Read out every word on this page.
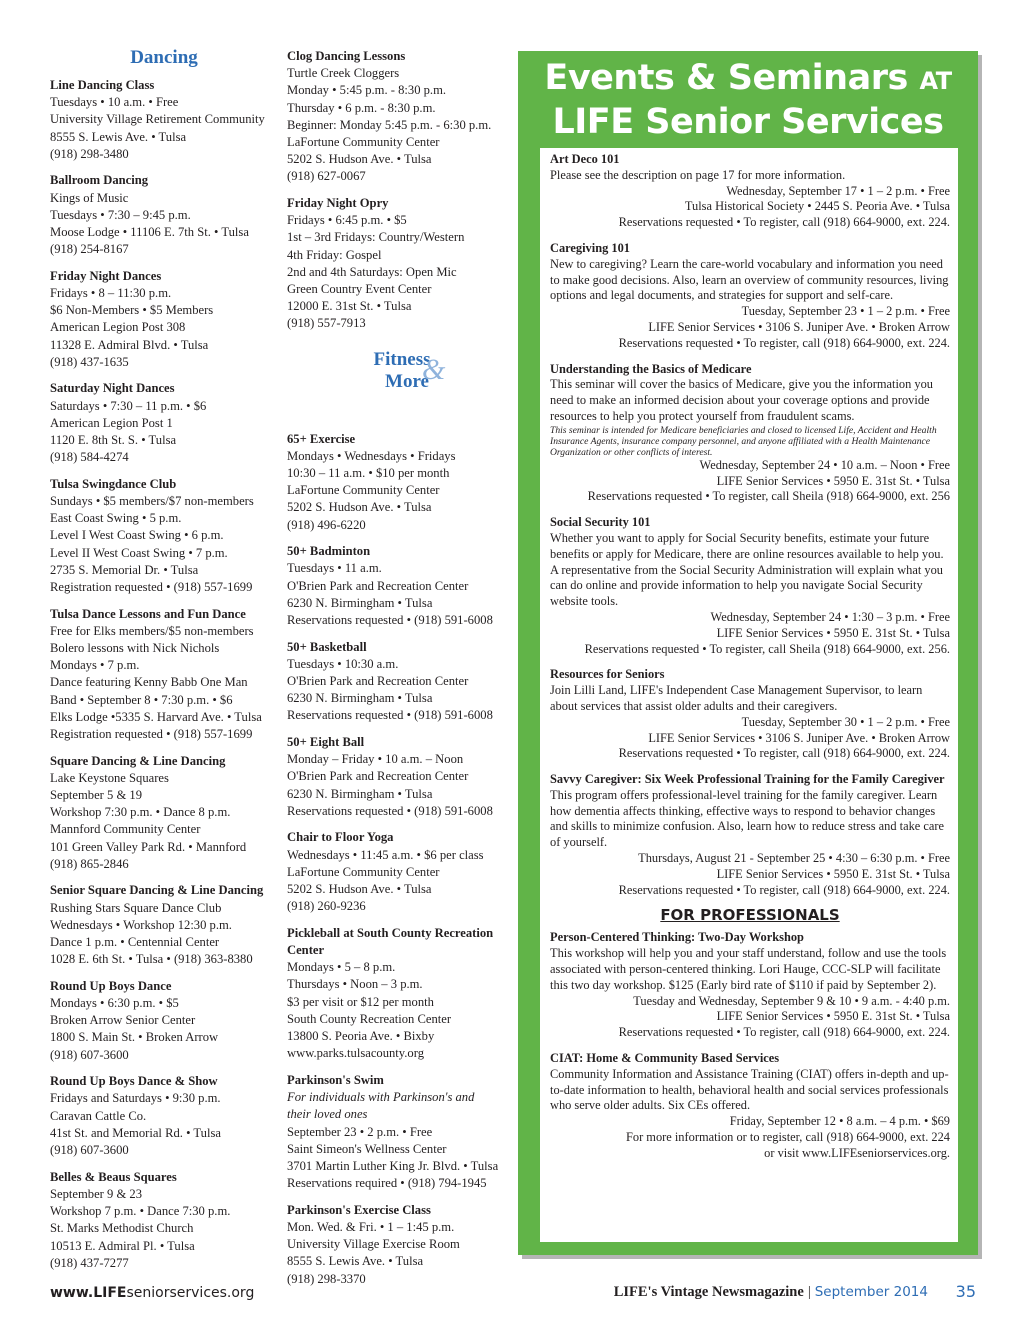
Dancing
Line Dancing Class
Tuesdays • 10 a.m. • Free
University Village Retirement Community
8555 S. Lewis Ave. • Tulsa
(918) 298-3480
Ballroom Dancing
Kings of Music
Tuesdays • 7:30 – 9:45 p.m.
Moose Lodge • 11106 E. 7th St. • Tulsa
(918) 254-8167
Friday Night Dances
Fridays • 8 – 11:30 p.m.
$6 Non-Members • $5 Members
American Legion Post 308
11328 E. Admiral Blvd. • Tulsa
(918) 437-1635
Saturday Night Dances
Saturdays • 7:30 – 11 p.m. • $6
American Legion Post 1
1120 E. 8th St. S. • Tulsa
(918) 584-4274
Tulsa Swingdance Club
Sundays • $5 members/$7 non-members
East Coast Swing • 5 p.m.
Level I West Coast Swing • 6 p.m.
Level II West Coast Swing • 7 p.m.
2735 S. Memorial Dr. • Tulsa
Registration requested • (918) 557-1699
Tulsa Dance Lessons and Fun Dance
Free for Elks members/$5 non-members
Bolero lessons with Nick Nichols
Mondays • 7 p.m.
Dance featuring Kenny Babb One Man
Band • September 8 • 7:30 p.m. • $6
Elks Lodge •5335 S. Harvard Ave. • Tulsa
Registration requested • (918) 557-1699
Square Dancing & Line Dancing
Lake Keystone Squares
September 5 & 19
Workshop 7:30 p.m. • Dance 8 p.m.
Mannford Community Center
101 Green Valley Park Rd. • Mannford
(918) 865-2846
Senior Square Dancing & Line Dancing
Rushing Stars Square Dance Club
Wednesdays • Workshop 12:30 p.m.
Dance 1 p.m. • Centennial Center
1028 E. 6th St. • Tulsa • (918) 363-8380
Round Up Boys Dance
Mondays • 6:30 p.m. • $5
Broken Arrow Senior Center
1800 S. Main St. • Broken Arrow
(918) 607-3600
Round Up Boys Dance & Show
Fridays and Saturdays • 9:30 p.m.
Caravan Cattle Co.
41st St. and Memorial Rd. • Tulsa
(918) 607-3600
Belles & Beaus Squares
September 9 & 23
Workshop 7 p.m. • Dance 7:30 p.m.
St. Marks Methodist Church
10513 E. Admiral Pl. • Tulsa
(918) 437-7277
Clog Dancing Lessons
Turtle Creek Cloggers
Monday • 5:45 p.m. - 8:30 p.m.
Thursday • 6 p.m. - 8:30 p.m.
Beginner: Monday 5:45 p.m. - 6:30 p.m.
LaFortune Community Center
5202 S. Hudson Ave. • Tulsa
(918) 627-0067
Friday Night Opry
Fridays • 6:45 p.m. • $5
1st – 3rd Fridays: Country/Western
4th Friday: Gospel
2nd and 4th Saturdays: Open Mic
Green Country Event Center
12000 E. 31st St. • Tulsa
(918) 557-7913
Fitness
More
&
65+ Exercise
Mondays • Wednesdays • Fridays
10:30 – 11 a.m. • $10 per month
LaFortune Community Center
5202 S. Hudson Ave. • Tulsa
(918) 496-6220
50+ Badminton
Tuesdays • 11 a.m.
O'Brien Park and Recreation Center
6230 N. Birmingham • Tulsa
Reservations requested • (918) 591-6008
50+ Basketball
Tuesdays • 10:30 a.m.
O'Brien Park and Recreation Center
6230 N. Birmingham • Tulsa
Reservations requested • (918) 591-6008
50+ Eight Ball
Monday – Friday • 10 a.m. – Noon
O'Brien Park and Recreation Center
6230 N. Birmingham • Tulsa
Reservations requested • (918) 591-6008
Chair to Floor Yoga
Wednesdays • 11:45 a.m. • $6 per class
LaFortune Community Center
5202 S. Hudson Ave. • Tulsa
(918) 260-9236
Pickleball at South County Recreation Center
Mondays • 5 – 8 p.m.
Thursdays • Noon – 3 p.m.
$3 per visit or $12 per month
South County Recreation Center
13800 S. Peoria Ave. • Bixby
www.parks.tulsacounty.org
Parkinson's Swim
For individuals with Parkinson's and
their loved ones
September 23 • 2 p.m. • Free
Saint Simeon's Wellness Center
3701 Martin Luther King Jr. Blvd. • Tulsa
Reservations required • (918) 794-1945
Parkinson's Exercise Class
Mon. Wed. & Fri. • 1 – 1:45 p.m.
University Village Exercise Room
8555 S. Lewis Ave. • Tulsa
(918) 298-3370
Events & Seminars AT
LIFE Senior Services
Art Deco 101
Please see the description on page 17 for more information.
Wednesday, September 17 • 1 – 2 p.m. • Free
Tulsa Historical Society • 2445 S. Peoria Ave. • Tulsa
Reservations requested • To register, call (918) 664-9000, ext. 224.
Caregiving 101
New to caregiving? Learn the care-world vocabulary and information you need to make good decisions. Also, learn an overview of community resources, living options and legal documents, and strategies for support and self-care.
Tuesday, September 23 • 1 – 2 p.m. • Free
LIFE Senior Services • 3106 S. Juniper Ave. • Broken Arrow
Reservations requested • To register, call (918) 664-9000, ext. 224.
Understanding the Basics of Medicare
This seminar will cover the basics of Medicare, give you the information you need to make an informed decision about your coverage options and provide resources to help you protect yourself from fraudulent scams.
This seminar is intended for Medicare beneficiaries and closed to licensed Life, Accident and Health Insurance Agents, insurance company personnel, and anyone affiliated with a Health Maintenance Organization or other conflicts of interest.
Wednesday, September 24 • 10 a.m. – Noon • Free
LIFE Senior Services • 5950 E. 31st St. • Tulsa
Reservations requested • To register, call Sheila (918) 664-9000, ext. 256
Social Security 101
Whether you want to apply for Social Security benefits, estimate your future benefits or apply for Medicare, there are online resources available to help you. A representative from the Social Security Administration will explain what you can do online and provide information to help you navigate Social Security website tools.
Wednesday, September 24 • 1:30 – 3 p.m. • Free
LIFE Senior Services • 5950 E. 31st St. • Tulsa
Reservations requested • To register, call Sheila (918) 664-9000, ext. 256.
Resources for Seniors
Join Lilli Land, LIFE's Independent Case Management Supervisor, to learn about services that assist older adults and their caregivers.
Tuesday, September 30 • 1 – 2 p.m. • Free
LIFE Senior Services • 3106 S. Juniper Ave. • Broken Arrow
Reservations requested • To register, call (918) 664-9000, ext. 224.
Savvy Caregiver: Six Week Professional Training for the Family Caregiver
This program offers professional-level training for the family caregiver. Learn how dementia affects thinking, effective ways to respond to behavior changes and skills to minimize confusion. Also, learn how to reduce stress and take care of yourself.
Thursdays, August 21 - September 25 • 4:30 – 6:30 p.m. • Free
LIFE Senior Services • 5950 E. 31st St. • Tulsa
Reservations requested • To register, call (918) 664-9000, ext. 224.
FOR PROFESSIONALS
Person-Centered Thinking: Two-Day Workshop
This workshop will help you and your staff understand, follow and use the tools associated with person-centered thinking. Lori Hauge, CCC-SLP will facilitate this two day workshop. $125 (Early bird rate of $110 if paid by September 2).
Tuesday and Wednesday, September 9 & 10 • 9 a.m. - 4:40 p.m.
LIFE Senior Services • 5950 E. 31st St. • Tulsa
Reservations requested • To register, call (918) 664-9000, ext. 224.
CIAT: Home & Community Based Services
Community Information and Assistance Training (CIAT) offers in-depth and up-to-date information to health, behavioral health and social services professionals who serve older adults. Six CEs offered.
Friday, September 12 • 8 a.m. – 4 p.m. • $69
For more information or to register, call (918) 664-9000, ext. 224
or visit www.LIFEseniorservices.org.
www.LIFEseniorservices.org	LIFE's Vintage Newsmagazine | September 2014 35
